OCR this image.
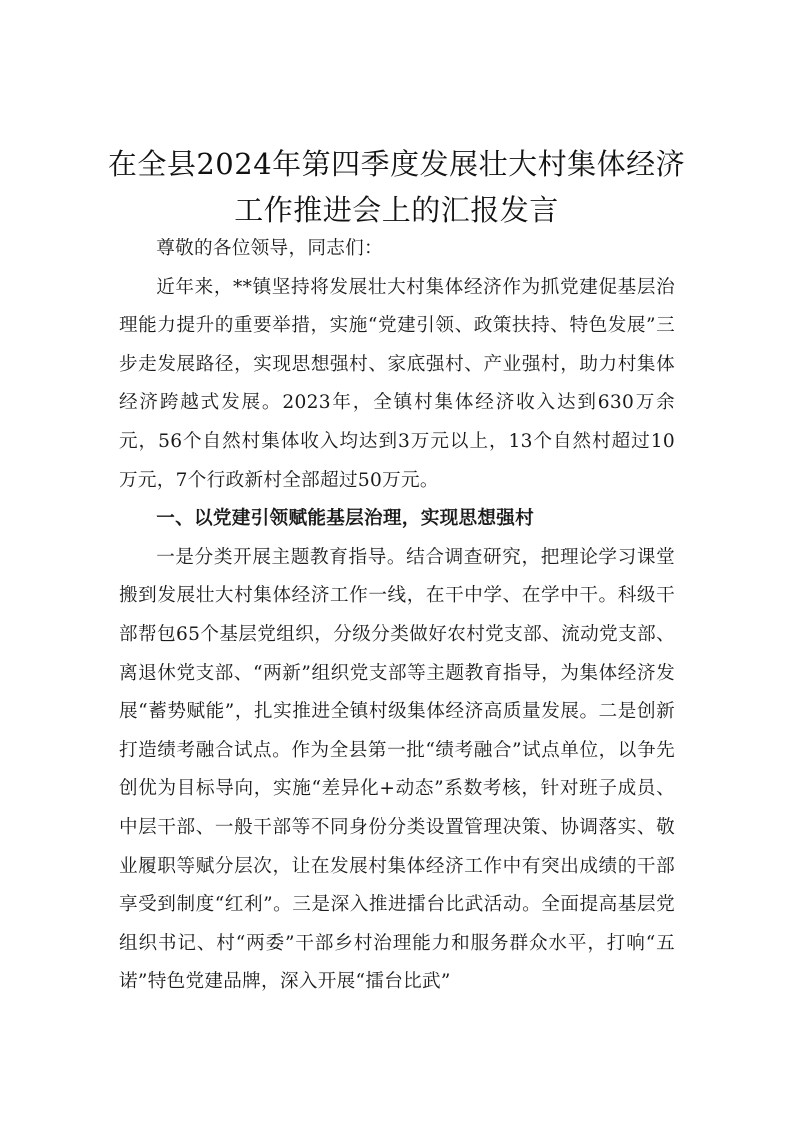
在全县2024年第四季度发展壮大村集体经济
工作推进会上的汇报发言

尊敬的各位领导，同志们：

近年来，**镇坚持将发展壮大村集体经济作为抓党建促基层治理能力提升的重要举措，实施“党建引领、政策扶持、特色发展”三步走发展路径，实现思想强村、家底强村、产业强村，助力村集体经济跨越式发展。2023年，全镇村集体经济收入达到630万余元，56个自然村集体收入均达到3万元以上，13个自然村超过10万元，7个行政新村全部超过50万元。

一、以党建引领赋能基层治理，实现思想强村

一是分类开展主题教育指导。结合调查研究，把理论学习课堂搬到发展壮大村集体经济工作一线，在干中学、在学中干。科级干部帮包65个基层党组织，分级分类做好农村党支部、流动党支部、离退休党支部、“两新”组织党支部等主题教育指导，为集体经济发展“蓄势赋能”，扎实推进全镇村级集体经济高质量发展。二是创新打造绩考融合试点。作为全县第一批“绩考融合”试点单位，以争先创优为目标导向，实施“差异化+动态”系数考核，针对班子成员、中层干部、一般干部等不同身份分类设置管理决策、协调落实、敬业履职等赋分层次，让在发展村集体经济工作中有突出成绩的干部享受到制度“红利”。三是深入推进擂台比武活动。全面提高基层党组织书记、村“两委”干部乡村治理能力和服务群众水平，打响“五诺”特色党建品牌，深入开展“擂台比武”
